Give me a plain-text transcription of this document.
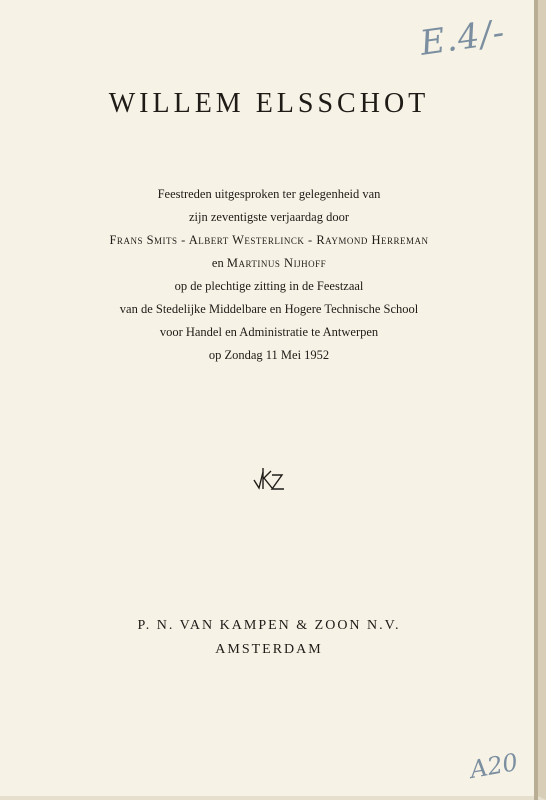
E.4/-
WILLEM ELSSCHOT
Feestreden uitgesproken ter gelegenheid van
zijn zeventigste verjaardag door
Frans Smits - Albert Westerlinck - Raymond Herreman
en Martinus Nijhoff
op de plechtige zitting in de Feestzaal
van de Stedelijke Middelbare en Hogere Technische School
voor Handel en Administratie te Antwerpen
op Zondag 11 Mei 1952
P. N. VAN KAMPEN & ZOON N.V.
AMSTERDAM
A20
